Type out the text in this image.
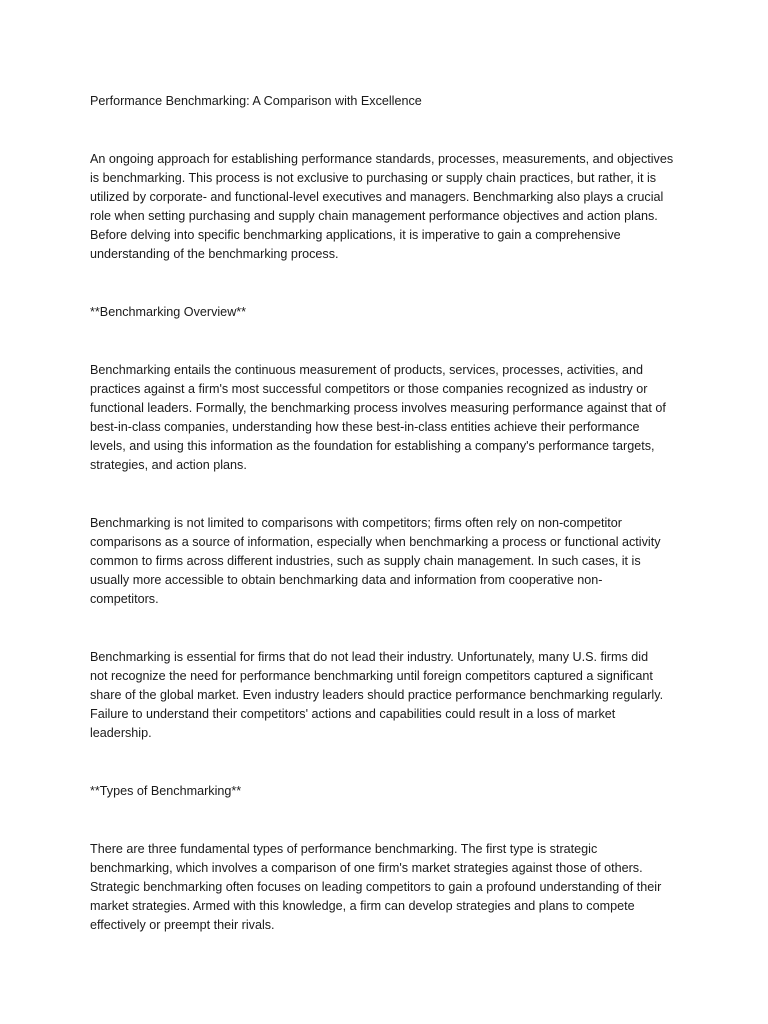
Performance Benchmarking: A Comparison with Excellence

An ongoing approach for establishing performance standards, processes, measurements, and objectives
is benchmarking. This process is not exclusive to purchasing or supply chain practices, but rather, it is
utilized by corporate- and functional-level executives and managers. Benchmarking also plays a crucial
role when setting purchasing and supply chain management performance objectives and action plans.
Before delving into specific benchmarking applications, it is imperative to gain a comprehensive
understanding of the benchmarking process.

**Benchmarking Overview**

Benchmarking entails the continuous measurement of products, services, processes, activities, and
practices against a firm's most successful competitors or those companies recognized as industry or
functional leaders. Formally, the benchmarking process involves measuring performance against that of
best-in-class companies, understanding how these best-in-class entities achieve their performance
levels, and using this information as the foundation for establishing a company's performance targets,
strategies, and action plans.

Benchmarking is not limited to comparisons with competitors; firms often rely on non-competitor
comparisons as a source of information, especially when benchmarking a process or functional activity
common to firms across different industries, such as supply chain management. In such cases, it is
usually more accessible to obtain benchmarking data and information from cooperative non-
competitors.

Benchmarking is essential for firms that do not lead their industry. Unfortunately, many U.S. firms did
not recognize the need for performance benchmarking until foreign competitors captured a significant
share of the global market. Even industry leaders should practice performance benchmarking regularly.
Failure to understand their competitors' actions and capabilities could result in a loss of market
leadership.

**Types of Benchmarking**

There are three fundamental types of performance benchmarking. The first type is strategic
benchmarking, which involves a comparison of one firm's market strategies against those of others.
Strategic benchmarking often focuses on leading competitors to gain a profound understanding of their
market strategies. Armed with this knowledge, a firm can develop strategies and plans to compete
effectively or preempt their rivals.
